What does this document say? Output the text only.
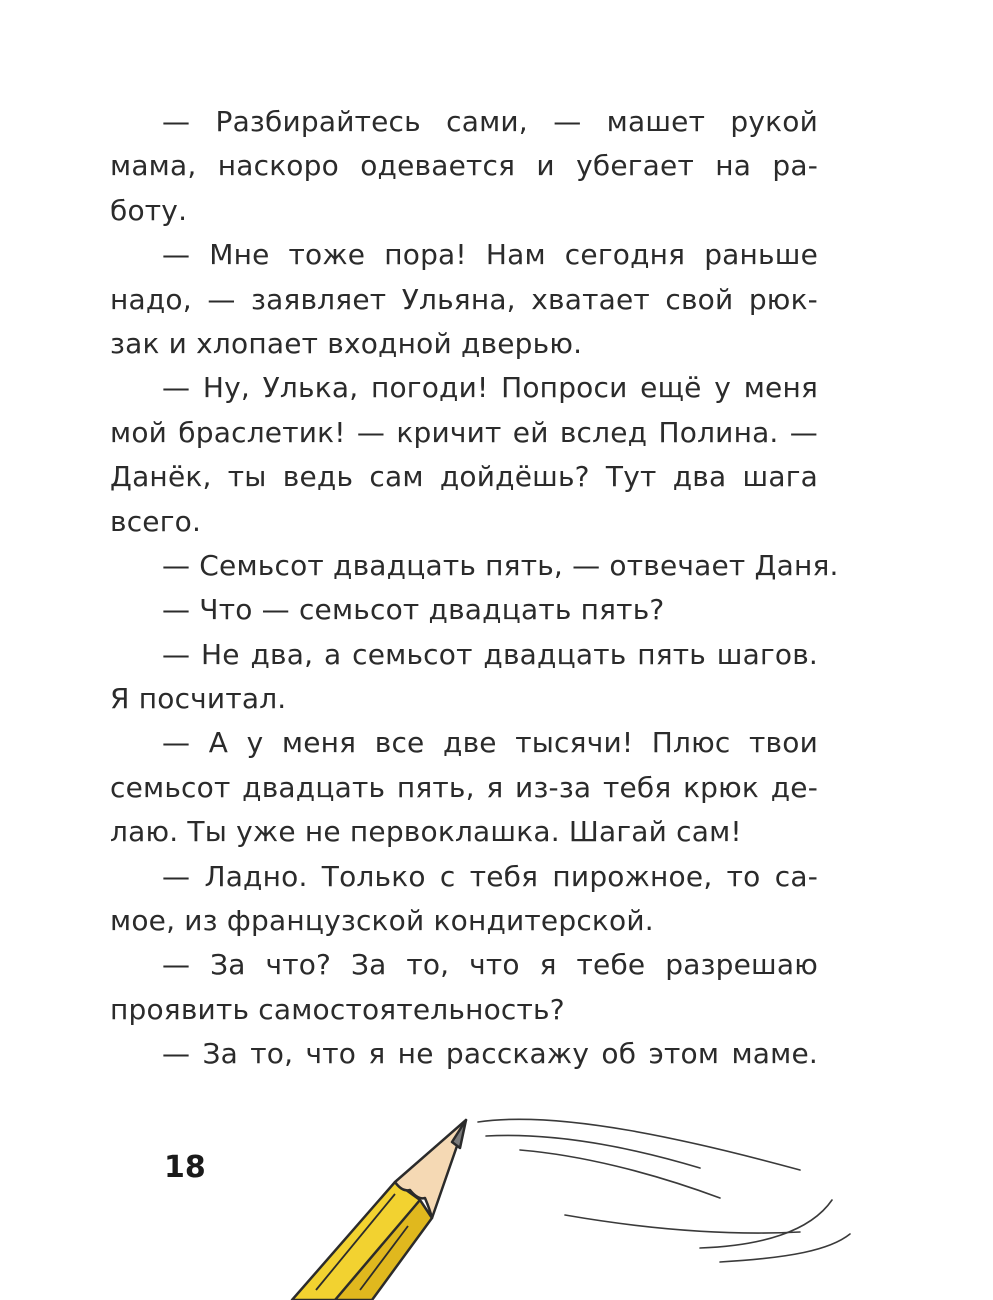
— Разбирайтесь сами, — машет рукой
мама, наскоро одевается и убегает на ра-
боту.
— Мне тоже пора! Нам сегодня раньше
надо, — заявляет Ульяна, хватает свой рюк-
зак и хлопает входной дверью.
— Ну, Улька, погоди! Попроси ещё у меня
мой браслетик! — кричит ей вслед Полина. —
Данёк, ты ведь сам дойдёшь? Тут два шага
всего.
— Семьсот двадцать пять, — отвечает Даня.
— Что — семьсот двадцать пять?
— Не два, а семьсот двадцать пять шагов.
Я посчитал.
— А у меня все две тысячи! Плюс твои
семьсот двадцать пять, я из-за тебя крюк де-
лаю. Ты уже не первоклашка. Шагай сам!
— Ладно. Только с тебя пирожное, то са-
мое, из французской кондитерской.
— За что? За то, что я тебе разрешаю
проявить самостоятельность?
— За то, что я не расскажу об этом маме.
18
